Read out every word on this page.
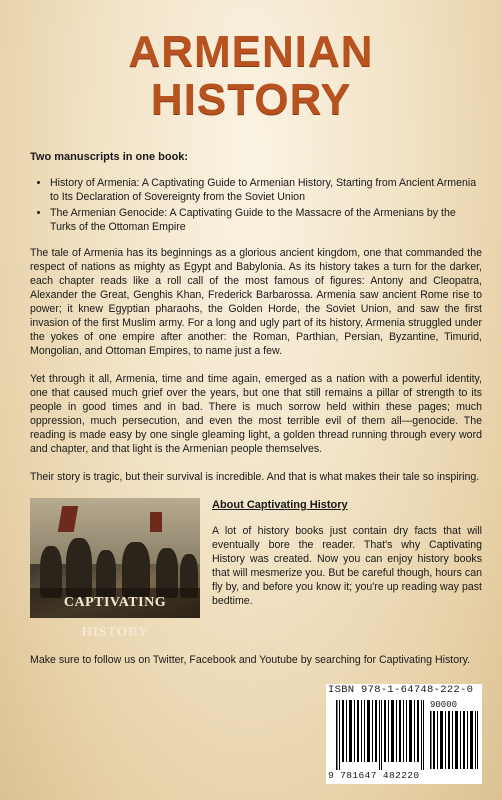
ARMENIAN
HISTORY

Two manuscripts in one book:

• History of Armenia: A Captivating Guide to Armenian History, Starting from Ancient Armenia to Its Declaration of Sovereignty from the Soviet Union
• The Armenian Genocide: A Captivating Guide to the Massacre of the Armenians by the Turks of the Ottoman Empire

The tale of Armenia has its beginnings as a glorious ancient kingdom, one that commanded the respect of nations as mighty as Egypt and Babylonia. As its history takes a turn for the darker, each chapter reads like a roll call of the most famous of figures: Antony and Cleopatra, Alexander the Great, Genghis Khan, Frederick Barbarossa. Armenia saw ancient Rome rise to power; it knew Egyptian pharaohs, the Golden Horde, the Soviet Union, and saw the first invasion of the first Muslim army. For a long and ugly part of its history, Armenia struggled under the yokes of one empire after another: the Roman, Parthian, Persian, Byzantine, Timurid, Mongolian, and Ottoman Empires, to name just a few.

Yet through it all, Armenia, time and time again, emerged as a nation with a powerful identity, one that caused much grief over the years, but one that still remains a pillar of strength to its people in good times and in bad. There is much sorrow held within these pages; much oppression, much persecution, and even the most terrible evil of them all—genocide. The reading is made easy by one single gleaming light, a golden thread running through every word and chapter, and that light is the Armenian people themselves.

Their story is tragic, but their survival is incredible. And that is what makes their tale so inspiring.

CAPTIVATING HISTORY
About Captivating History
A lot of history books just contain dry facts that will eventually bore the reader. That's why Captivating History was created. Now you can enjoy history books that will mesmerize you. But be careful though, hours can fly by, and before you know it; you're up reading way past bedtime.
Make sure to follow us on Twitter, Facebook and Youtube by searching for Captivating History.
ISBN 978-1-64748-222-0
90000
9 781647 482220
